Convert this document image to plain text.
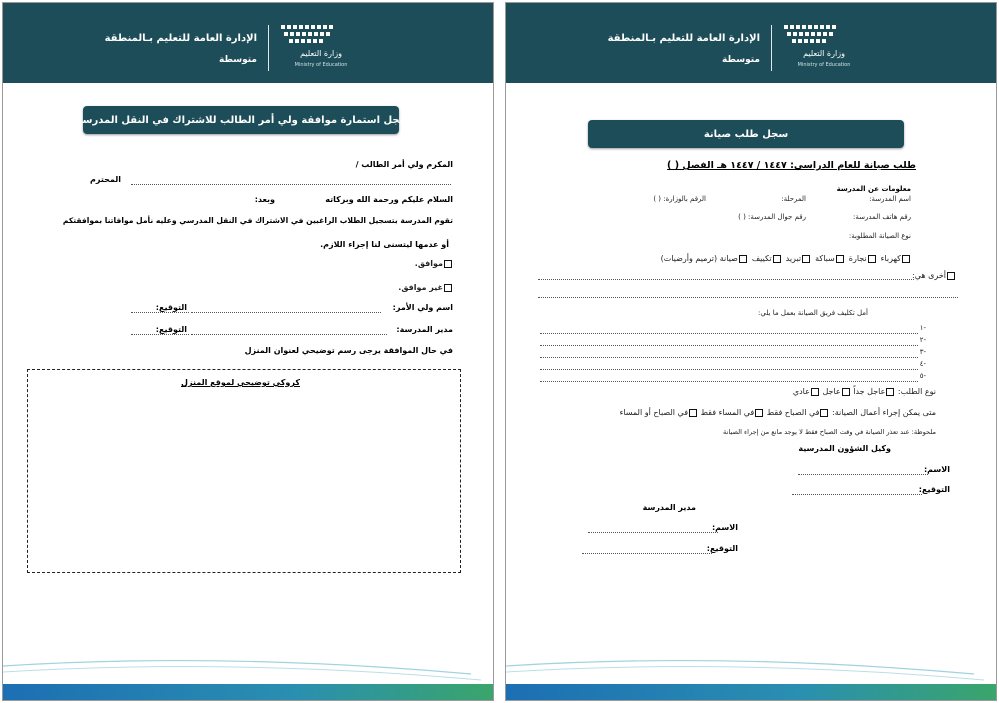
الإدارة العامة للتعليم بـالمنطقة
متوسطة
وزارة التعليم
Ministry of Education
سجل استمارة موافقة ولي أمر الطالب للاشتراك في النقل المدرسي
المكرم ولي أمر الطالب /
المحترم
السلام عليكم ورحمة الله وبركاته
وبعد:
تقوم المدرسة بتسجيل الطلاب الراغبين في الاشتراك في النقل المدرسي وعليه نأمل موافاتنا بموافقتكم
أو عدمها ليتسنى لنا إجراء اللازم.
موافق.
غير موافق.
اسم ولي الأمر:
التوقيع:
مدير المدرسة:
التوقيع:
في حال الموافقة يرجى رسم توضيحي لعنوان المنزل
كروكي توضيحي لموقع المنزل
الإدارة العامة للتعليم بـالمنطقة
متوسطة
وزارة التعليم
Ministry of Education
سجل طلب صيانة
طلب صيانة للعام الدراسي: ١٤٤٧ / ١٤٤٧ هـ الفصل ( )
معلومات عن المدرسة
اسم المدرسة:
المرحلة:
الرقم بالوزارة: ( )
رقم هاتف المدرسة:
رقم جوال المدرسة: ( )
نوع الصيانة المطلوبة:
كهرباء
نجارة
سباكة
تبريد
تكييف
صيانة (ترميم وأرضيات)
أخرى هي:
أمل تكليف فريق الصيانة بعمل ما يلي:
-١
-٢
-٣
-٤
-٥
نوع الطلب: عاجل جداً عاجل عادي
متى يمكن إجراء أعمال الصيانة: في الصباح فقط في المساء فقط في الصباح أو المساء
ملحوظة: عند تعذر الصيانة في وقت الصباح فقط لا يوجد مانع من إجراء الصيانة
وكيل الشؤون المدرسية
الاسم:
التوقيع:
مدير المدرسة
الاسم:
التوقيع:
